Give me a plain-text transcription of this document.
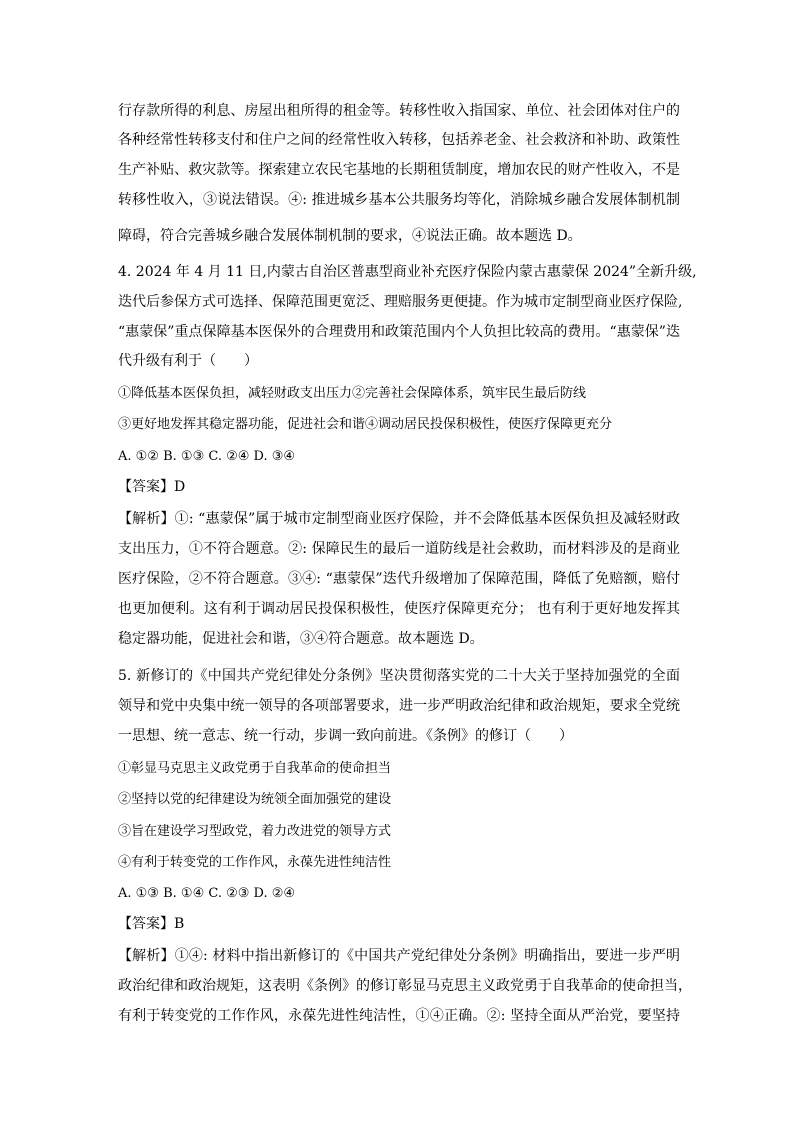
行存款所得的利息、房屋出租所得的租金等。转移性收入指国家、单位、社会团体对住户的
各种经常性转移支付和住户之间的经常性收入转移，包括养老金、社会救济和补助、政策性
生产补贴、救灾款等。探索建立农民宅基地的长期租赁制度，增加农民的财产性收入，不是
转移性收入，③说法错误。④: 推进城乡基本公共服务均等化，消除城乡融合发展体制机制
障碍，符合完善城乡融合发展体制机制的要求，④说法正确。故本题选 D。
4. 2024 年 4 月 11 日,内蒙古自治区普惠型商业补充医疗保险内蒙古惠蒙保 2024”全新升级,
迭代后参保方式可选择、保障范围更宽泛、理赔服务更便捷。作为城市定制型商业医疗保险,
“惠蒙保”重点保障基本医保外的合理费用和政策范围内个人负担比较高的费用。“惠蒙保”迭
代升级有利于（　　）
①降低基本医保负担，减轻财政支出压力②完善社会保障体系，筑牢民生最后防线
③更好地发挥其稳定器功能，促进社会和谐④调动居民投保积极性，使医疗保障更充分
A. ①② B. ①③ C. ②④ D. ③④
【答案】D
【解析】①: “惠蒙保”属于城市定制型商业医疗保险，并不会降低基本医保负担及减轻财政
支出压力，①不符合题意。②: 保障民生的最后一道防线是社会救助，而材料涉及的是商业
医疗保险，②不符合题意。③④: “惠蒙保”迭代升级增加了保障范围，降低了免赔额，赔付
也更加便利。这有利于调动居民投保积极性，使医疗保障更充分； 也有利于更好地发挥其
稳定器功能，促进社会和谐，③④符合题意。故本题选 D。
5. 新修订的《中国共产党纪律处分条例》坚决贯彻落实党的二十大关于坚持加强党的全面
领导和党中央集中统一领导的各项部署要求，进一步严明政治纪律和政治规矩，要求全党统
一思想、统一意志、统一行动，步调一致向前进。《条例》的修订（　　）
①彰显马克思主义政党勇于自我革命的使命担当
②坚持以党的纪律建设为统领全面加强党的建设
③旨在建设学习型政党，着力改进党的领导方式
④有利于转变党的工作作风，永葆先进性纯洁性
A. ①③ B. ①④ C. ②③ D. ②④
【答案】B
【解析】①④: 材料中指出新修订的《中国共产党纪律处分条例》明确指出，要进一步严明
政治纪律和政治规矩，这表明《条例》的修订彰显马克思主义政党勇于自我革命的使命担当，
有利于转变党的工作作风，永葆先进性纯洁性，①④正确。②: 坚持全面从严治党，要坚持
